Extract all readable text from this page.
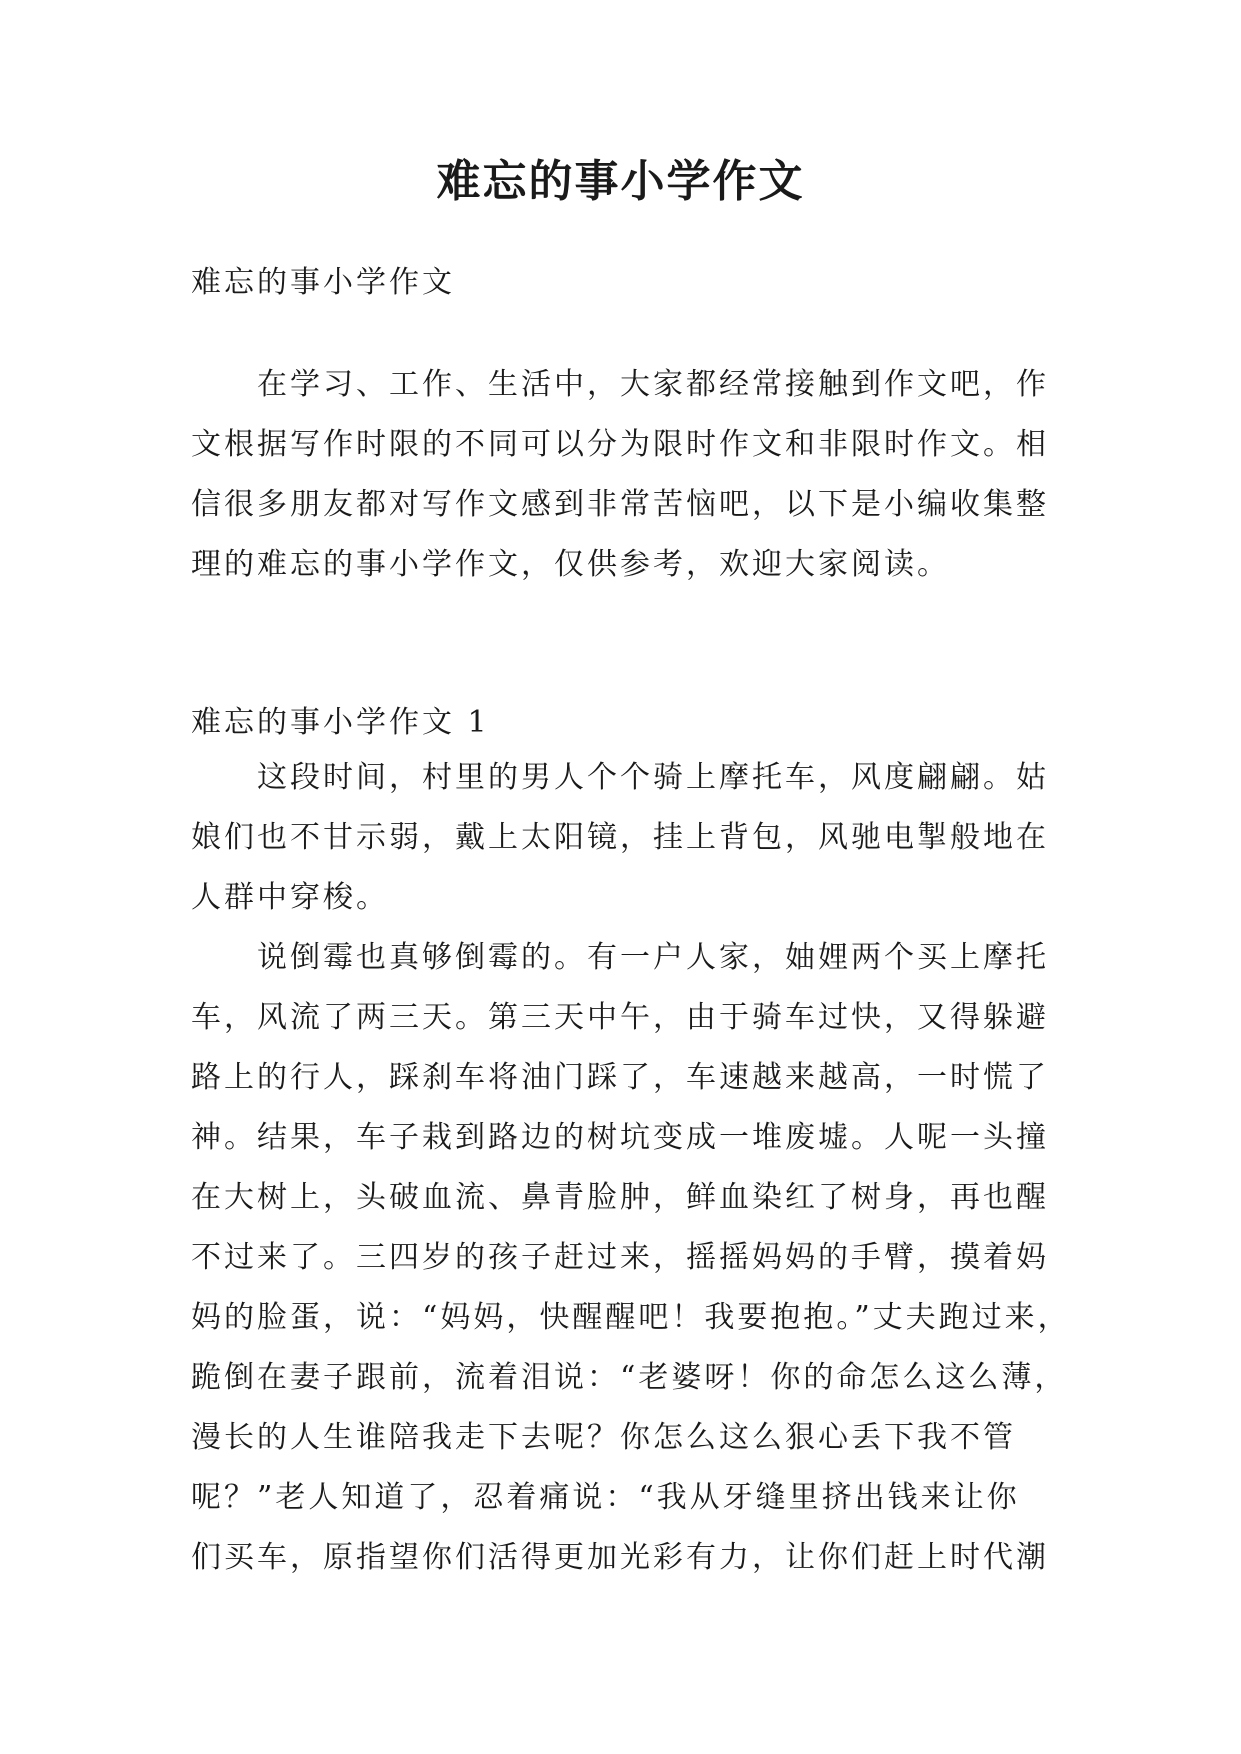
难忘的事小学作文

难忘的事小学作文

　　在学习、工作、生活中，大家都经常接触到作文吧，作
文根据写作时限的不同可以分为限时作文和非限时作文。相
信很多朋友都对写作文感到非常苦恼吧，以下是小编收集整
理的难忘的事小学作文，仅供参考，欢迎大家阅读。

难忘的事小学作文 1

　　这段时间，村里的男人个个骑上摩托车，风度翩翩。姑
娘们也不甘示弱，戴上太阳镜，挂上背包，风驰电掣般地在
人群中穿梭。
　　说倒霉也真够倒霉的。有一户人家，妯娌两个买上摩托
车，风流了两三天。第三天中午，由于骑车过快，又得躲避
路上的行人，踩刹车将油门踩了，车速越来越高，一时慌了
神。结果，车子栽到路边的树坑变成一堆废墟。人呢一头撞
在大树上，头破血流、鼻青脸肿，鲜血染红了树身，再也醒
不过来了。三四岁的孩子赶过来，摇摇妈妈的手臂，摸着妈
妈的脸蛋，说：“妈妈，快醒醒吧！我要抱抱。”丈夫跑过来，
跪倒在妻子跟前，流着泪说：“老婆呀！你的命怎么这么薄，
漫长的人生谁陪我走下去呢？你怎么这么狠心丢下我不管
呢？”老人知道了，忍着痛说：“我从牙缝里挤出钱来让你
们买车，原指望你们活得更加光彩有力，让你们赶上时代潮
